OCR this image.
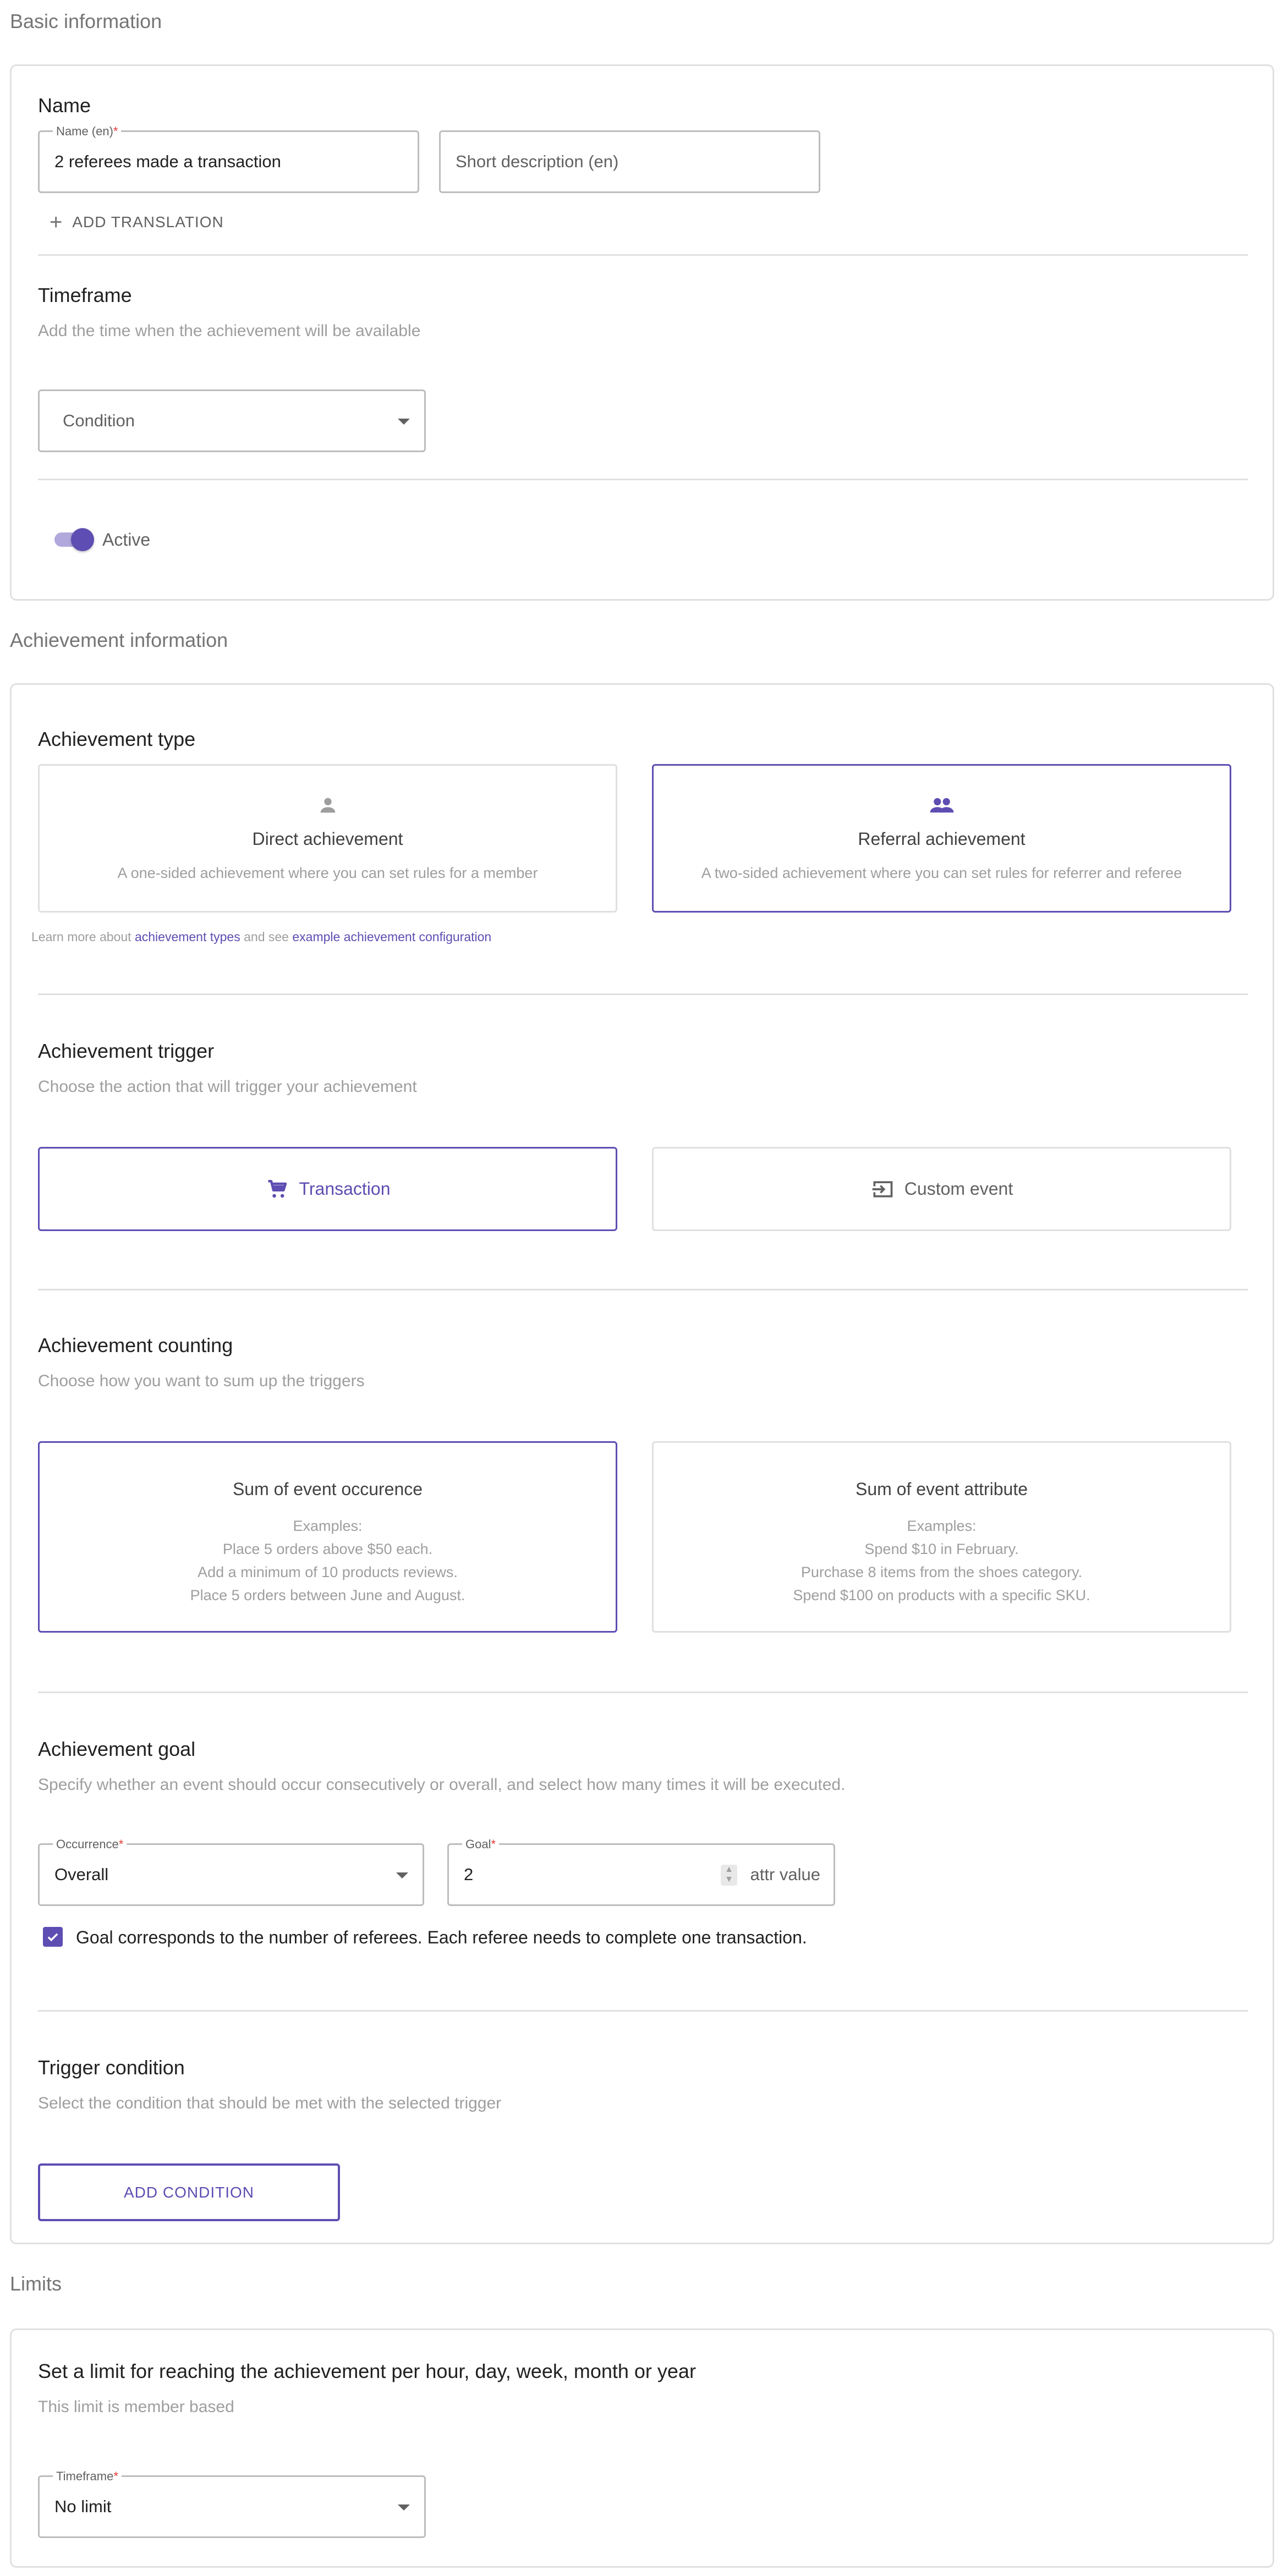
Basic information
Name
Name (en)*
2 referees made a transaction	Short description (en)
+ ADD TRANSLATION
Timeframe
Add the time when the achievement will be available
Condition
Active
Achievement information
Achievement type
Direct achievement
A one-sided achievement where you can set rules for a member
Referral achievement
A two-sided achievement where you can set rules for referrer and referee
Learn more about achievement types and see example achievement configuration
Achievement trigger
Choose the action that will trigger your achievement
Transaction	Custom event
Achievement counting
Choose how you want to sum up the triggers
Sum of event occurence
Examples:
Place 5 orders above $50 each.
Add a minimum of 10 products reviews.
Place 5 orders between June and August.
Sum of event attribute
Examples:
Spend $10 in February.
Purchase 8 items from the shoes category.
Spend $100 on products with a specific SKU.
Achievement goal
Specify whether an event should occur consecutively or overall, and select how many times it will be executed.
Occurrence*
Overall
Goal*
2	▲
▼ attr value
Goal corresponds to the number of referees. Each referee needs to complete one transaction.
Trigger condition
Select the condition that should be met with the selected trigger
ADD CONDITION
Limits
Set a limit for reaching the achievement per hour, day, week, month or year
This limit is member based
Timeframe*
No limit
